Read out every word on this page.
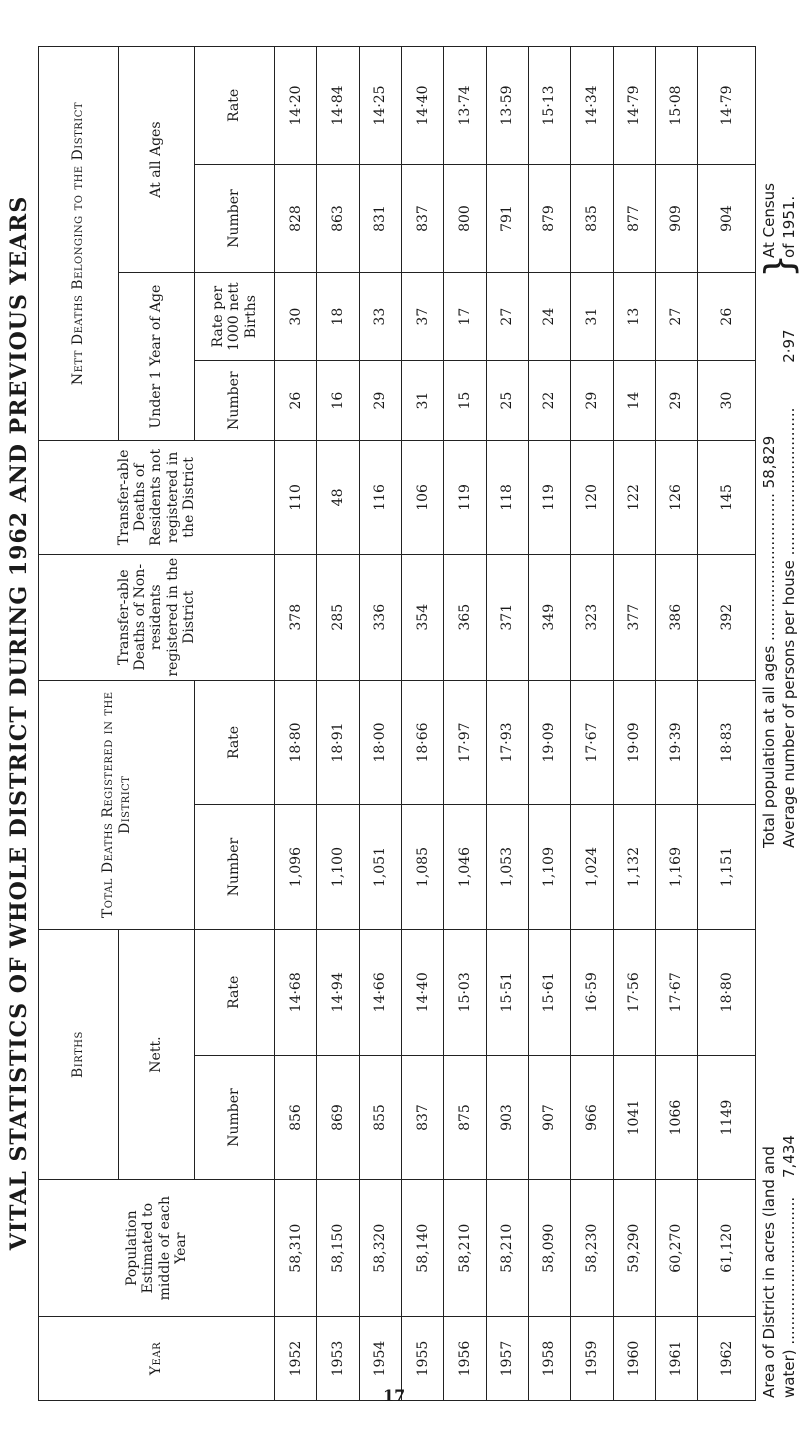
VITAL STATISTICS OF WHOLE DISTRICT DURING 1962 AND PREVIOUS YEARS
Year	Population Estimated to middle of each Year	Births		Total Deaths Registered in the District		Transfer-able Deaths of Non-residents registered in the District	Transfer-able Deaths of Residents not registered in the District	Nett Deaths Belonging to the District			
		Nett.						Under 1 Year of Age		At all Ages	
		Number	Rate	Number	Rate			Number	Rate per 1000 nett Births	Number	Rate
1952	58,310	856	14·68	1,096	18·80	378	110	26	30	828	14·20
1953	58,150	869	14·94	1,100	18·91	285	48	16	18	863	14·84
1954	58,320	855	14·66	1,051	18·00	336	116	29	33	831	14·25
1955	58,140	837	14·40	1,085	18·66	354	106	31	37	837	14·40
1956	58,210	875	15·03	1,046	17·97	365	119	15	17	800	13·74
1957	58,210	903	15·51	1,053	17·93	371	118	25	27	791	13·59
1958	58,090	907	15·61	1,109	19·09	349	119	22	24	879	15·13
1959	58,230	966	16·59	1,024	17·67	323	120	29	31	835	14·34
1960	59,290	1041	17·56	1,132	19·09	377	122	14	13	877	14·79
1961	60,270	1066	17·67	1,169	19·39	386	126	29	27	909	15·08
1962	61,120	1149	18·80	1,151	18·83	392	145	30	26	904	14·79
Area of District in acres (land and water) ............................... 7,434
Total population at all ages ............................... 58,829
Average number of persons per house ............................... 2·97
}
At Census of 1951.
17
